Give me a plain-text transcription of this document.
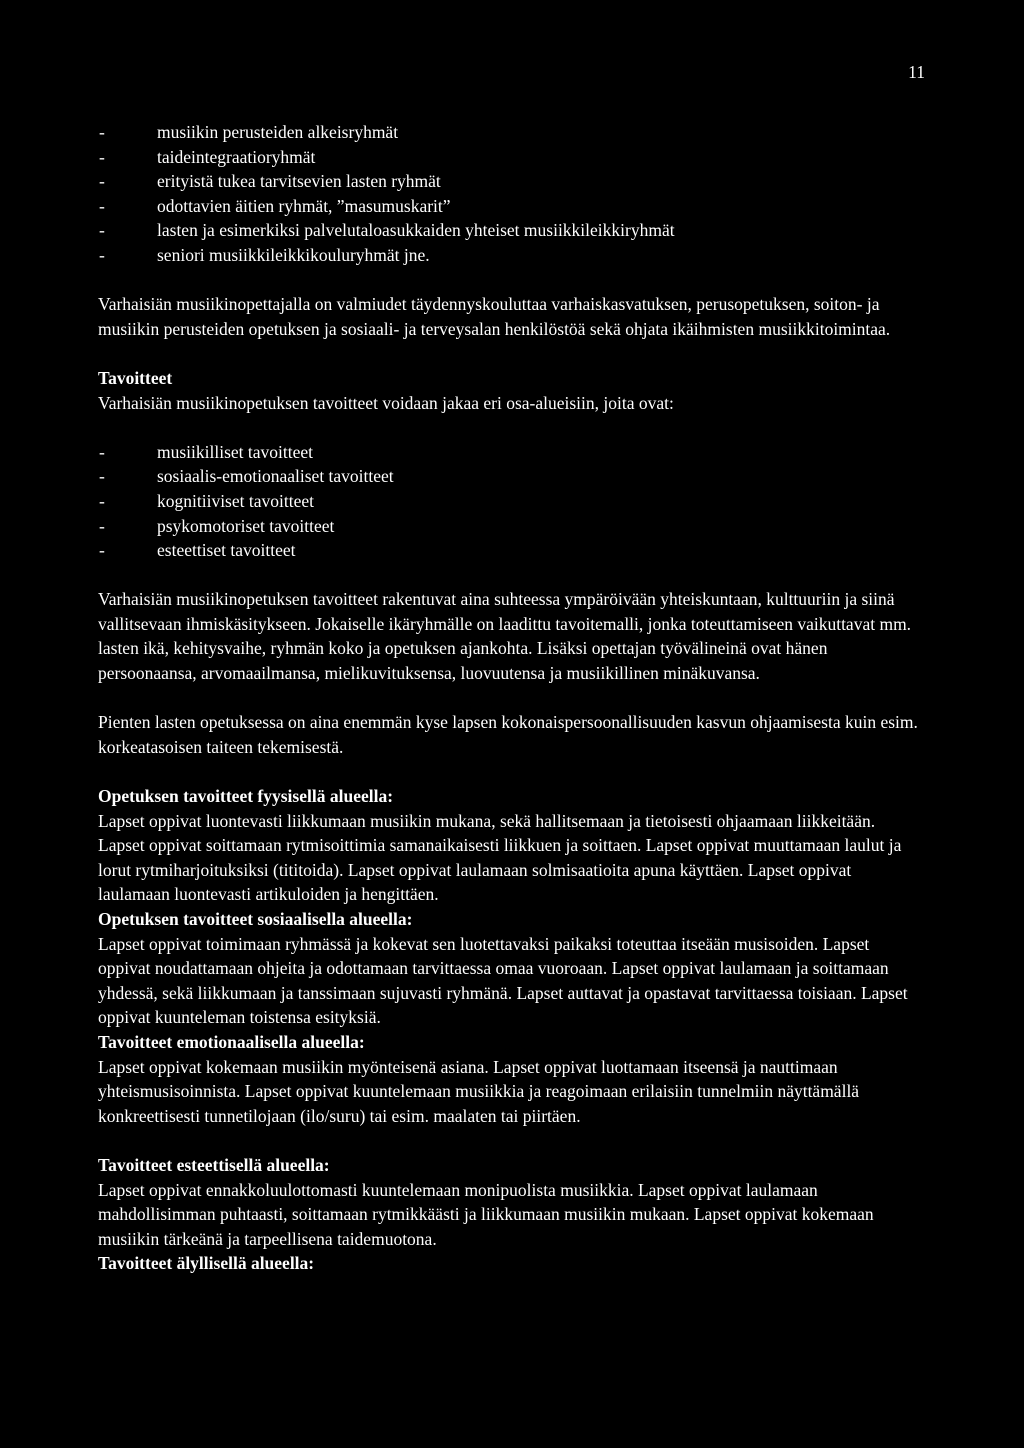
11
- musiikin perusteiden alkeisryhmät
- taideintegraatioryhmät
- erityistä tukea tarvitsevien lasten ryhmät
- odottavien äitien ryhmät, ”masumuskarit”
- lasten ja esimerkiksi palvelutaloasukkaiden yhteiset musiikkileikkiryhmät
- seniori musiikkileikkikouluryhmät jne.

Varhaisiän musiikinopettajalla on valmiudet täydennyskouluttaa varhaiskasvatuksen, perusopetuksen, soiton- ja musiikin perusteiden opetuksen ja sosiaali- ja terveysalan henkilöstöä sekä ohjata ikäihmisten musiikkitoimintaa.

Tavoitteet

Varhaisiän musiikinopetuksen tavoitteet voidaan jakaa eri osa-alueisiin, joita ovat:

- musiikilliset tavoitteet
- sosiaalis-emotionaaliset tavoitteet
- kognitiiviset tavoitteet
- psykomotoriset tavoitteet
- esteettiset tavoitteet

Varhaisiän musiikinopetuksen tavoitteet rakentuvat aina suhteessa ympäröivään yhteiskuntaan, kulttuuriin ja siinä vallitsevaan ihmiskäsitykseen. Jokaiselle ikäryhmälle on laadittu tavoitemalli, jonka toteuttamiseen vaikuttavat mm. lasten ikä, kehitysvaihe, ryhmän koko ja opetuksen ajankohta. Lisäksi opettajan työvälineinä ovat hänen persoonaansa, arvomaailmansa, mielikuvituksensa, luovuutensa ja musiikillinen minäkuvansa.

Pienten lasten opetuksessa on aina enemmän kyse lapsen kokonaispersoonallisuuden kasvun ohjaamisesta kuin esim. korkeatasoisen taiteen tekemisestä.

Opetuksen tavoitteet fyysisellä alueella:

Lapset oppivat luontevasti liikkumaan musiikin mukana, sekä hallitsemaan ja tietoisesti ohjaamaan liikkeitään. Lapset oppivat soittamaan rytmisoittimia samanaikaisesti liikkuen ja soittaen. Lapset oppivat muuttamaan laulut ja lorut rytmiharjoituksiksi (tititoida). Lapset oppivat laulamaan solmisaatioita apuna käyttäen. Lapset oppivat laulamaan luontevasti artikuloiden ja hengittäen.

Opetuksen tavoitteet sosiaalisella alueella:

Lapset oppivat toimimaan ryhmässä ja kokevat sen luotettavaksi paikaksi toteuttaa itseään musisoiden. Lapset oppivat noudattamaan ohjeita ja odottamaan tarvittaessa omaa vuoroaan. Lapset oppivat laulamaan ja soittamaan yhdessä, sekä liikkumaan ja tanssimaan sujuvasti ryhmänä. Lapset auttavat ja opastavat tarvittaessa toisiaan. Lapset oppivat kuunteleman toistensa esityksiä.

Tavoitteet emotionaalisella alueella:

Lapset oppivat kokemaan musiikin myönteisenä asiana. Lapset oppivat luottamaan itseensä ja nauttimaan yhteismusisoinnista. Lapset oppivat kuuntelemaan musiikkia ja reagoimaan erilaisiin tunnelmiin näyttämällä konkreettisesti tunnetilojaan (ilo/suru) tai esim. maalaten tai piirtäen.

Tavoitteet esteettisellä alueella:

Lapset oppivat ennakkoluulottomasti kuuntelemaan monipuolista musiikkia. Lapset oppivat laulamaan mahdollisimman puhtaasti, soittamaan rytmikkäästi ja liikkumaan musiikin mukaan. Lapset oppivat kokemaan musiikin tärkeänä ja tarpeellisena taidemuotona.

Tavoitteet älyllisellä alueella:
